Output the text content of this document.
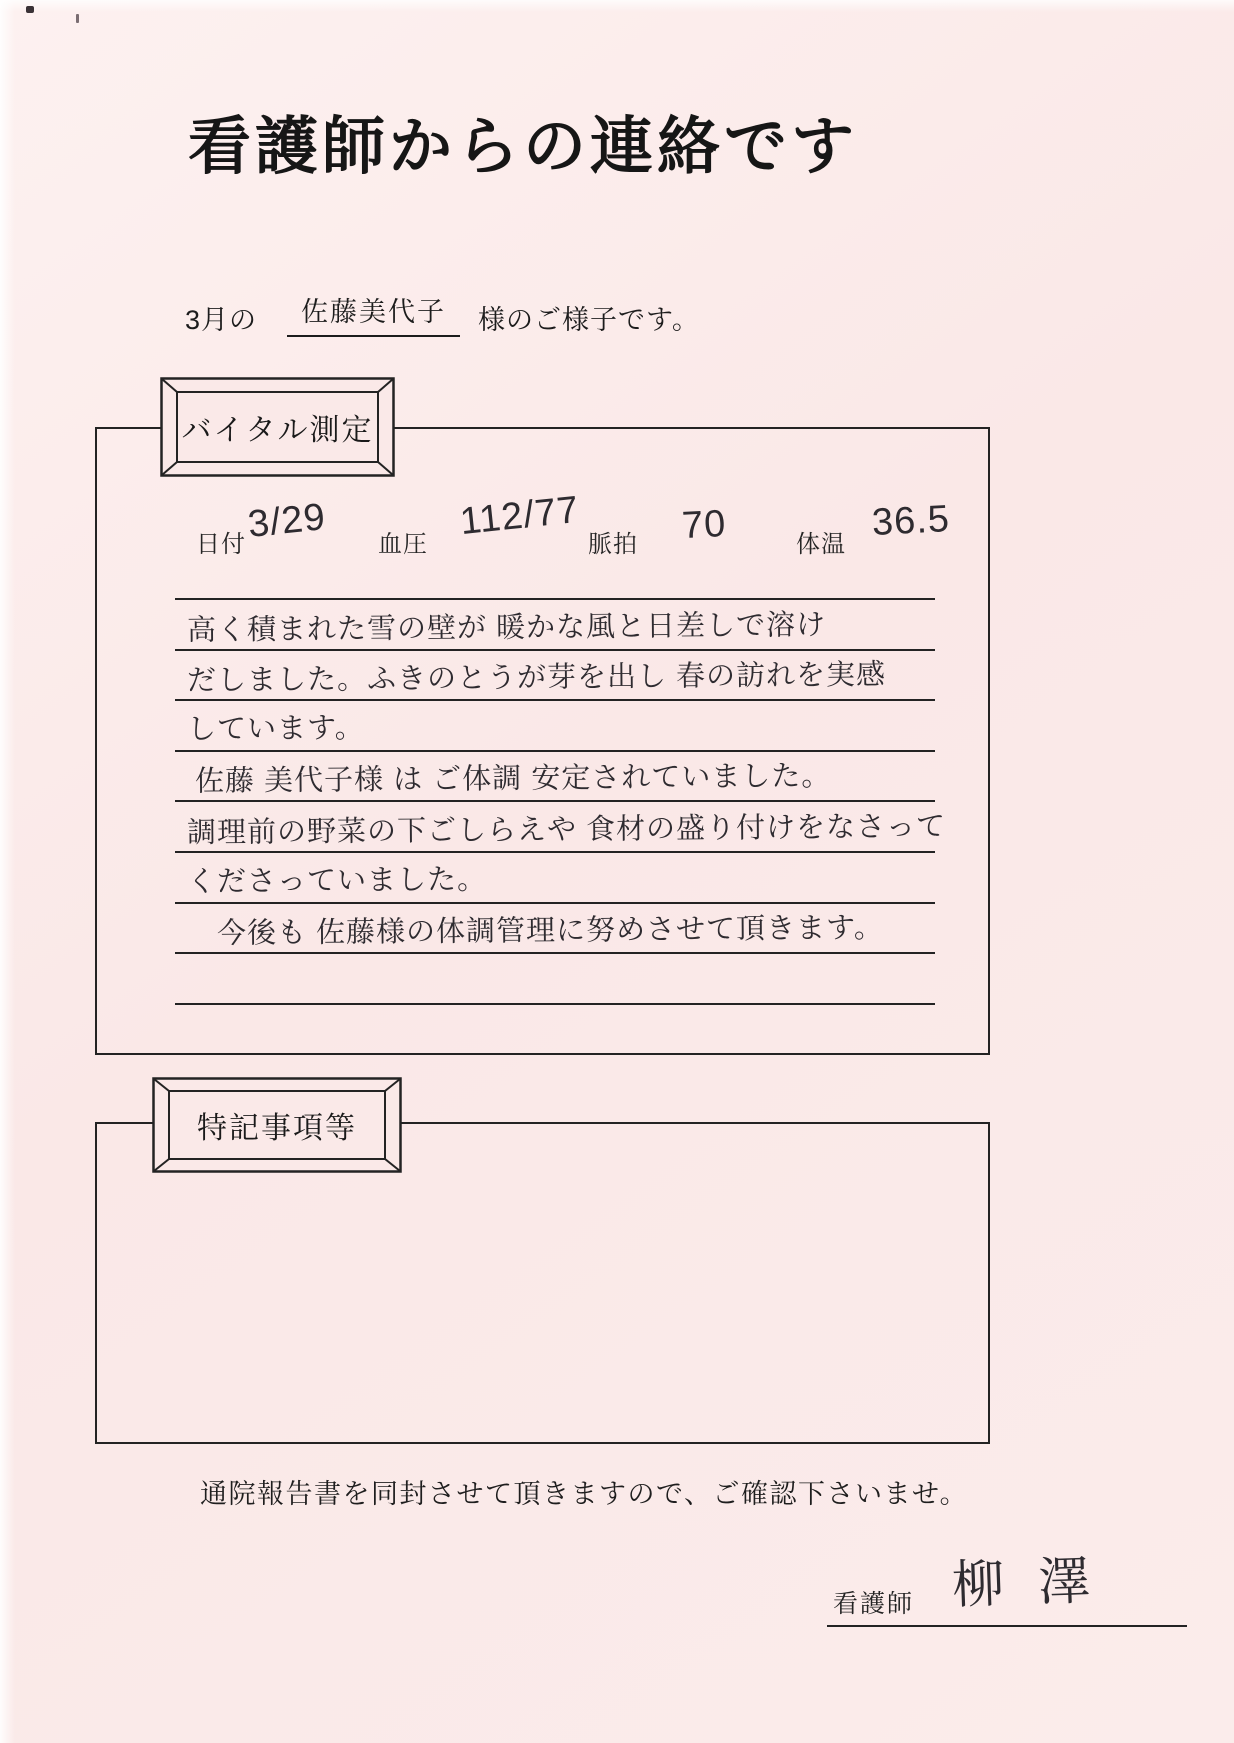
看護師からの連絡です
3月の	佐藤美代子	様のご様子です。
バイタル測定
日付 3/29 血圧
112/77
脈拍 70	体温
36.5
高く積まれた雪の壁が 暖かな風と日差しで溶け
だしました。ふきのとうが芽を出し 春の訪れを実感
しています。
佐藤 美代子様 は ご体調 安定されていました。
調理前の野菜の下ごしらえや 食材の盛り付けをなさって
くださっていました。
今後も 佐藤様の体調管理に努めさせて頂きます。
特記事項等
通院報告書を同封させて頂きますので、ご確認下さいませ。
看護師 柳澤
